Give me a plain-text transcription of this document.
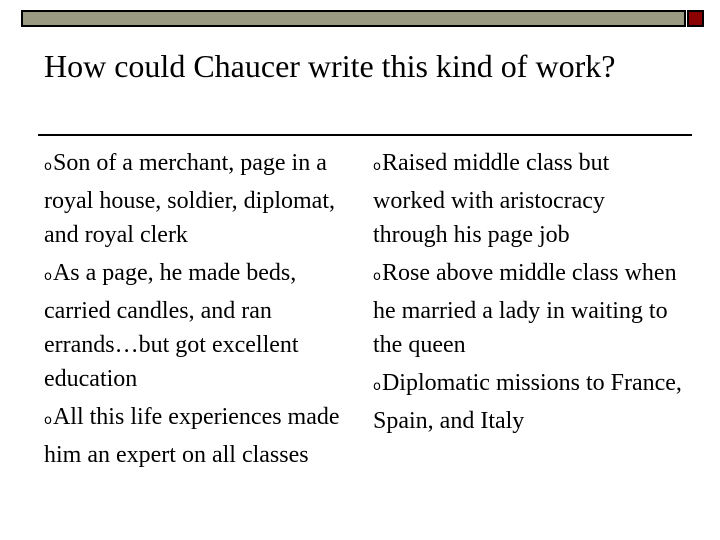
How could Chaucer write this kind of work?

oSon of a merchant, page in a royal house, soldier, diplomat, and royal clerk

oAs a page, he made beds, carried candles, and ran errands…but got excellent education

oAll this life experiences made him an expert on all classes

oRaised middle class but worked with aristocracy through his page job

oRose above middle class when he married a lady in waiting to the queen

oDiplomatic missions to France, Spain, and Italy
